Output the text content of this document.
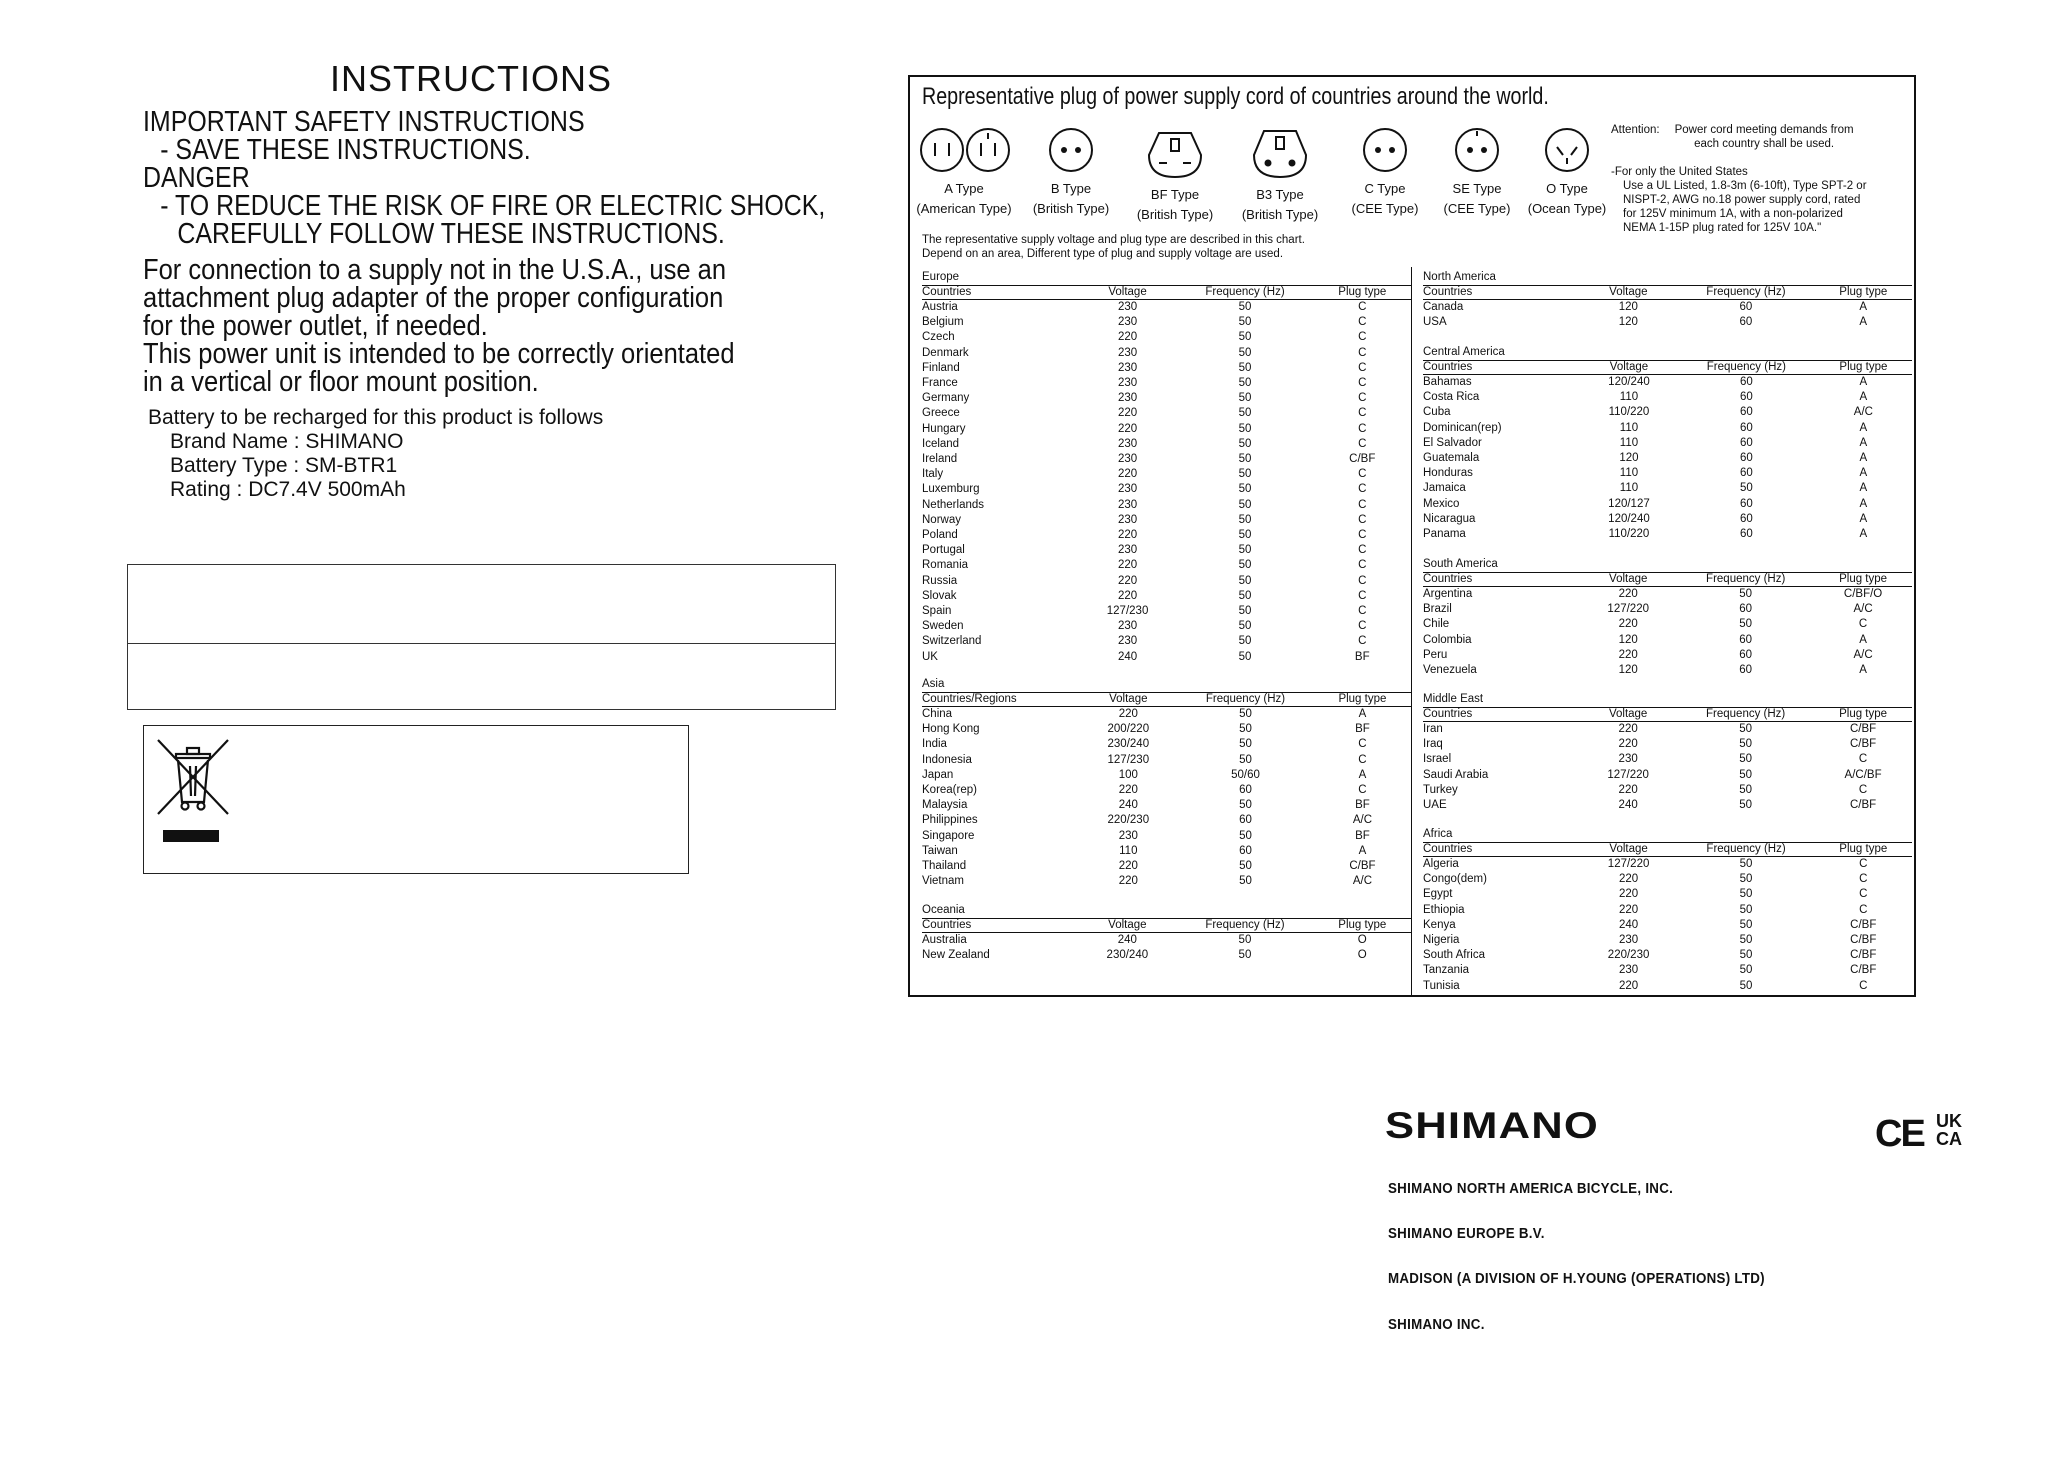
INSTRUCTIONS
IMPORTANT SAFETY INSTRUCTIONS
- SAVE THESE INSTRUCTIONS.
DANGER
- TO REDUCE THE RISK OF FIRE OR ELECTRIC SHOCK,
CAREFULLY FOLLOW THESE INSTRUCTIONS.
For connection to a supply not in the U.S.A., use an
attachment plug adapter of the proper configuration
for the power outlet, if needed.
This power unit is intended to be correctly orientated
in a vertical or floor mount position.
Battery to be recharged for this product is follows
Brand Name : SHIMANO
Battery Type : SM-BTR1
Rating : DC7.4V 500mAh
Representative plug of power supply cord of countries around the world.
A Type
(American Type)
B Type
(British Type)
BF Type
(British Type)
B3 Type
(British Type)
C Type
(CEE Type)
SE Type
(CEE Type)
O Type
(Ocean Type)
Attention:	Power cord meeting demands from each country shall be used.
-For only the United States
Use a UL Listed, 1.8-3m (6-10ft), Type SPT-2 or
NISPT-2, AWG no.18 power supply cord, rated
for 125V minimum 1A, with a non-polarized
NEMA 1-15P plug rated for 125V 10A."
The representative supply voltage and plug type are described in this chart.
Depend on an area, Different type of plug and supply voltage are used.
Europe
Countries	Voltage	Frequency (Hz)	Plug type
Austria	230	50	C
Belgium	230	50	C
Czech	220	50	C
Denmark	230	50	C
Finland	230	50	C
France	230	50	C
Germany	230	50	C
Greece	220	50	C
Hungary	220	50	C
Iceland	230	50	C
Ireland	230	50	C/BF
Italy	220	50	C
Luxemburg	230	50	C
Netherlands	230	50	C
Norway	230	50	C
Poland	220	50	C
Portugal	230	50	C
Romania	220	50	C
Russia	220	50	C
Slovak	220	50	C
Spain	127/230	50	C
Sweden	230	50	C
Switzerland	230	50	C
UK	240	50	BF
Asia
Countries/Regions	Voltage	Frequency (Hz)	Plug type
China	220	50	A
Hong Kong	200/220	50	BF
India	230/240	50	C
Indonesia	127/230	50	C
Japan	100	50/60	A
Korea(rep)	220	60	C
Malaysia	240	50	BF
Philippines	220/230	60	A/C
Singapore	230	50	BF
Taiwan	110	60	A
Thailand	220	50	C/BF
Vietnam	220	50	A/C
Oceania
Countries	Voltage	Frequency (Hz)	Plug type
Australia	240	50	O
New Zealand	230/240	50	O
North America
Countries	Voltage	Frequency (Hz)	Plug type
Canada	120	60	A
USA	120	60	A
Central America
Countries	Voltage	Frequency (Hz)	Plug type
Bahamas	120/240	60	A
Costa Rica	110	60	A
Cuba	110/220	60	A/C
Dominican(rep)	110	60	A
El Salvador	110	60	A
Guatemala	120	60	A
Honduras	110	60	A
Jamaica	110	50	A
Mexico	120/127	60	A
Nicaragua	120/240	60	A
Panama	110/220	60	A
South America
Countries	Voltage	Frequency (Hz)	Plug type
Argentina	220	50	C/BF/O
Brazil	127/220	60	A/C
Chile	220	50	C
Colombia	120	60	A
Peru	220	60	A/C
Venezuela	120	60	A
Middle East
Countries	Voltage	Frequency (Hz)	Plug type
Iran	220	50	C/BF
Iraq	220	50	C/BF
Israel	230	50	C
Saudi Arabia	127/220	50	A/C/BF
Turkey	220	50	C
UAE	240	50	C/BF
Africa
Countries	Voltage	Frequency (Hz)	Plug type
Algeria	127/220	50	C
Congo(dem)	220	50	C
Egypt	220	50	C
Ethiopia	220	50	C
Kenya	240	50	C/BF
Nigeria	230	50	C/BF
South Africa	220/230	50	C/BF
Tanzania	230	50	C/BF
Tunisia	220	50	C
SHIMANO	CE UK
CA
SHIMANO NORTH AMERICA BICYCLE, INC.
SHIMANO EUROPE B.V.
MADISON (A DIVISION OF H.YOUNG (OPERATIONS) LTD)
SHIMANO INC.
